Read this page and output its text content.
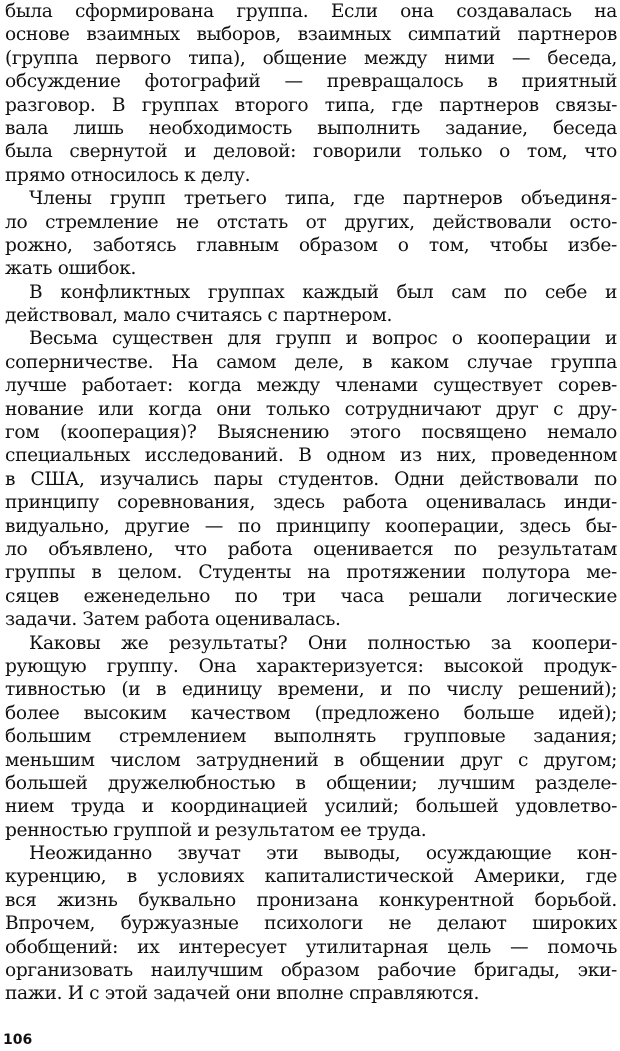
была сформирована группа. Если она создавалась на
основе взаимных выборов, взаимных симпатий партнеров
(группа первого типа), общение между ними — беседа,
обсуждение фотографий — превращалось в приятный
разговор. В группах второго типа, где партнеров связы-
вала лишь необходимость выполнить задание, беседа
была свернутой и деловой: говорили только о том, что
прямо относилось к делу.
Члены групп третьего типа, где партнеров объединя-
ло стремление не отстать от других, действовали осто-
рожно, заботясь главным образом о том, чтобы избе-
жать ошибок.
В конфликтных группах каждый был сам по себе и
действовал, мало считаясь с партнером.
Весьма существен для групп и вопрос о кооперации и
соперничестве. На самом деле, в каком случае группа
лучше работает: когда между членами существует сорев-
нование или когда они только сотрудничают друг с дру-
гом (кооперация)? Выяснению этого посвящено немало
специальных исследований. В одном из них, проведенном
в США, изучались пары студентов. Одни действовали по
принципу соревнования, здесь работа оценивалась инди-
видуально, другие — по принципу кооперации, здесь бы-
ло объявлено, что работа оценивается по результатам
группы в целом. Студенты на протяжении полутора ме-
сяцев еженедельно по три часа решали логические
задачи. Затем работа оценивалась.
Каковы же результаты? Они полностью за коопери-
рующую группу. Она характеризуется: высокой продук-
тивностью (и в единицу времени, и по числу решений);
более высоким качеством (предложено больше идей);
большим стремлением выполнять групповые задания;
меньшим числом затруднений в общении друг с другом;
большей дружелюбностью в общении; лучшим разделе-
нием труда и координацией усилий; большей удовлетво-
ренностью группой и результатом ее труда.
Неожиданно звучат эти выводы, осуждающие кон-
куренцию, в условиях капиталистической Америки, где
вся жизнь буквально пронизана конкурентной борьбой.
Впрочем, буржуазные психологи не делают широких
обобщений: их интересует утилитарная цель — помочь
организовать наилучшим образом рабочие бригады, эки-
пажи. И с этой задачей они вполне справляются.
106
